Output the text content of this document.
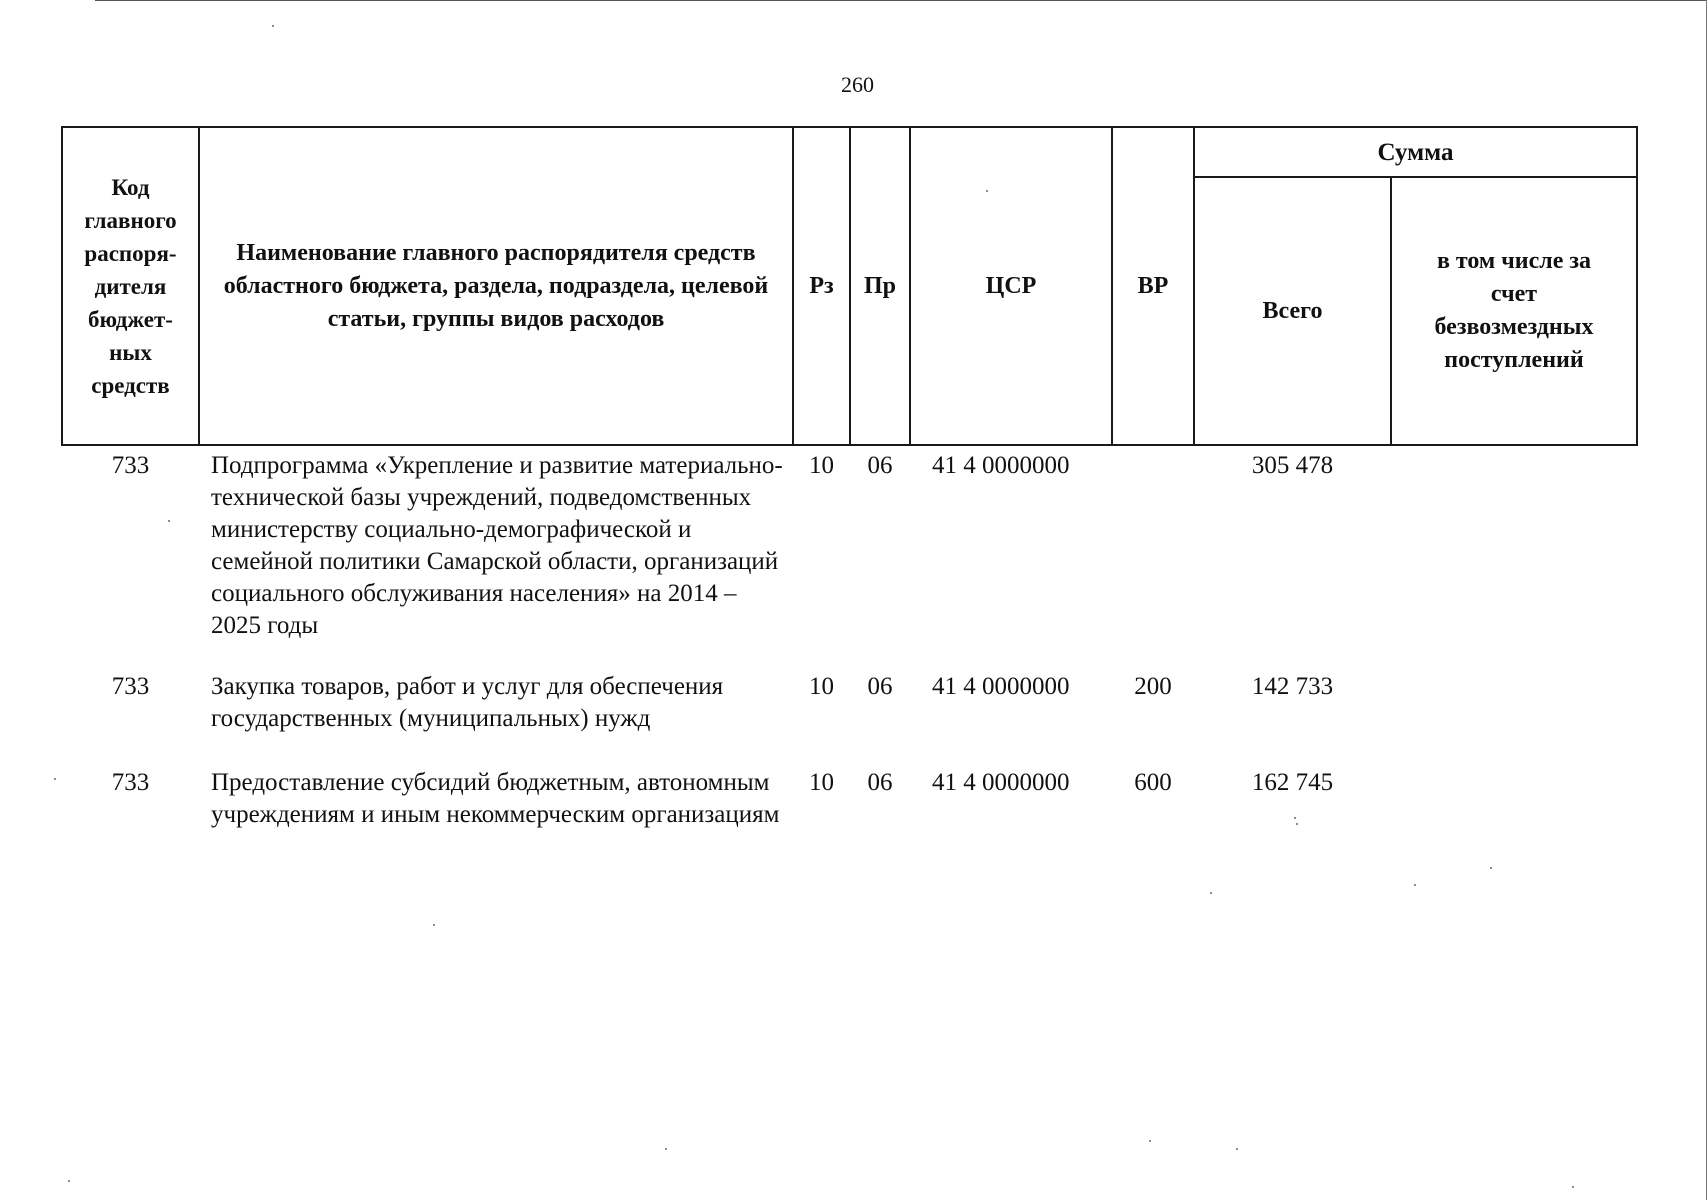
260
Код главного распоря-дителя бюджет-ных средств	Наименование главного распорядителя средств областного бюджета, раздела, подраздела, целевой статьи, группы видов расходов	Рз	Пр	ЦСР	ВР	Сумма	
						Всего	в том числе за счет безвозмездных поступлений
733	Подпрограмма «Укрепление и развитие материально-технической базы учреждений, подведомственных министерству социально-демографической и семейной политики Самарской области, организаций социального обслуживания населения» на 2014 – 2025 годы	10	06	41 4 0000000		305 478	
733	Закупка товаров, работ и услуг для обеспечения государственных (муниципальных) нужд	10	06	41 4 0000000	200	142 733	
733	Предоставление субсидий бюджетным, автономным учреждениям и иным некоммерческим организациям	10	06	41 4 0000000	600	162 745	
